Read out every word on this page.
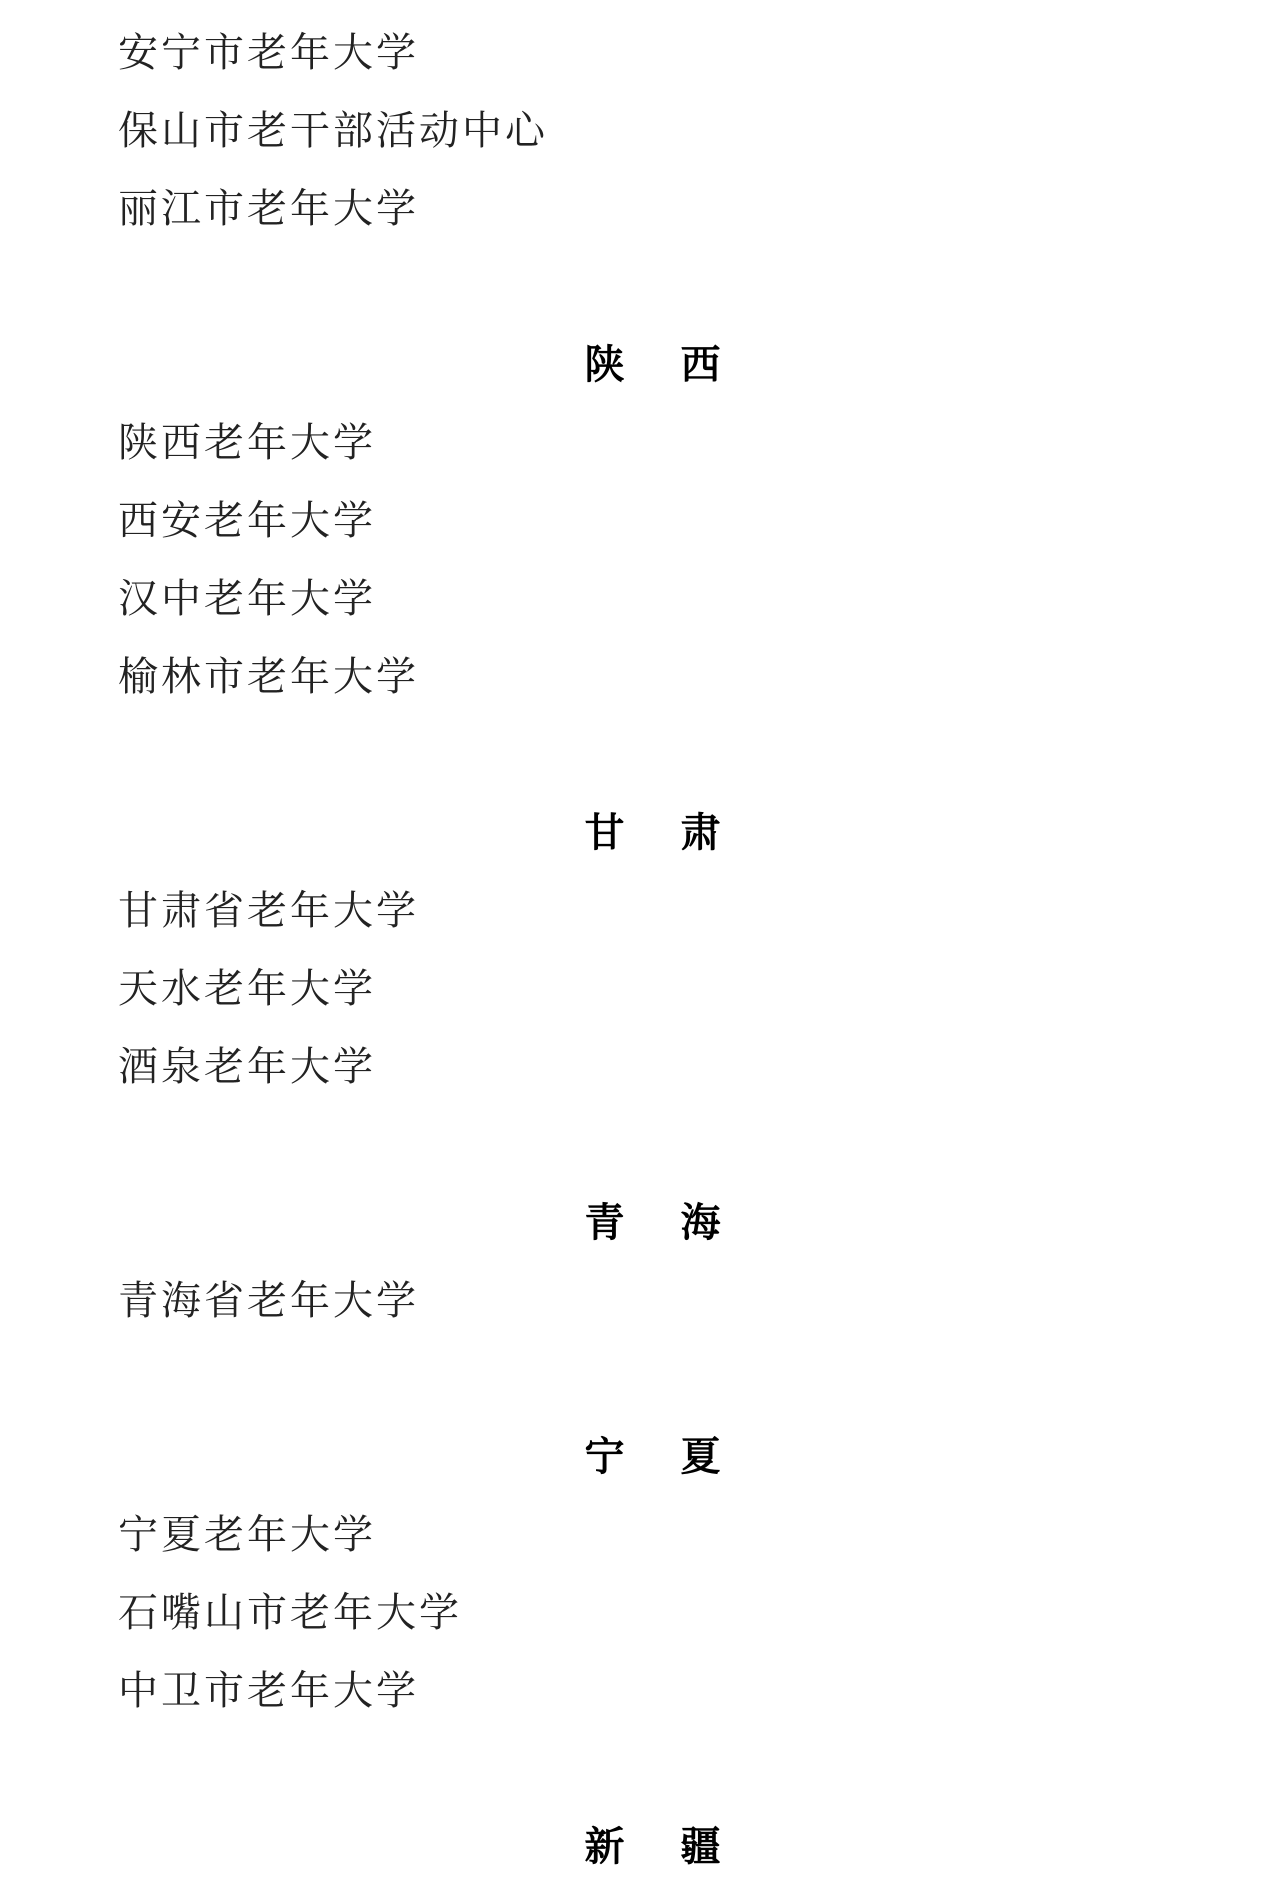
安宁市老年大学
保山市老干部活动中心
丽江市老年大学
陕　西
陕西老年大学
西安老年大学
汉中老年大学
榆林市老年大学
甘　肃
甘肃省老年大学
天水老年大学
酒泉老年大学
青　海
青海省老年大学
宁　夏
宁夏老年大学
石嘴山市老年大学
中卫市老年大学
新　疆
